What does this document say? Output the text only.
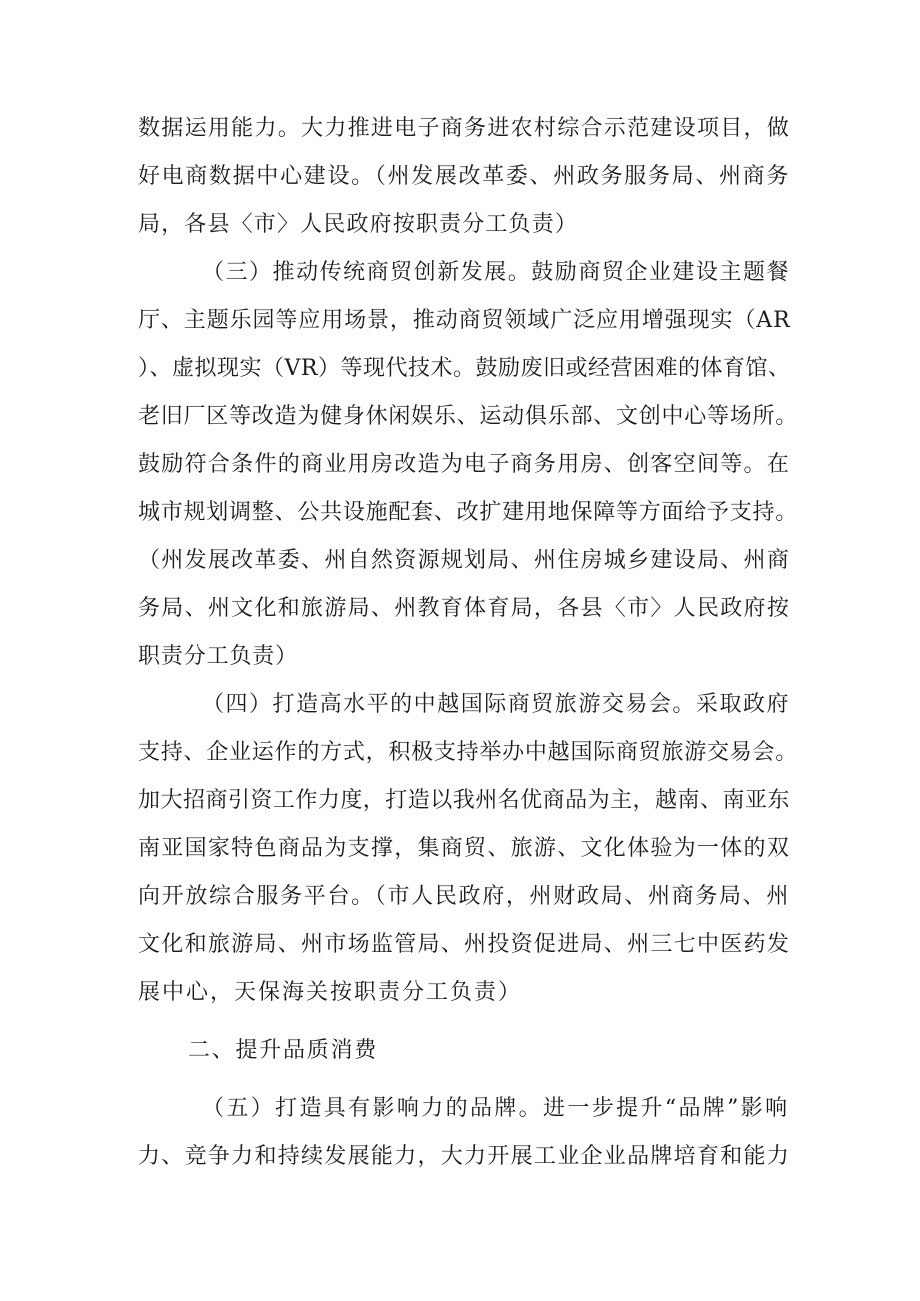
数据运用能力。大力推进电子商务进农村综合示范建设项目，做
好电商数据中心建设。（州发展改革委、州政务服务局、州商务
局，各县〈市〉人民政府按职责分工负责）
（三）推动传统商贸创新发展。鼓励商贸企业建设主题餐
厅、主题乐园等应用场景，推动商贸领域广泛应用增强现实（AR
）、虚拟现实（VR）等现代技术。鼓励废旧或经营困难的体育馆、
老旧厂区等改造为健身休闲娱乐、运动俱乐部、文创中心等场所。
鼓励符合条件的商业用房改造为电子商务用房、创客空间等。在
城市规划调整、公共设施配套、改扩建用地保障等方面给予支持。
（州发展改革委、州自然资源规划局、州住房城乡建设局、州商
务局、州文化和旅游局、州教育体育局，各县〈市〉人民政府按
职责分工负责）
（四）打造高水平的中越国际商贸旅游交易会。采取政府
支持、企业运作的方式，积极支持举办中越国际商贸旅游交易会。
加大招商引资工作力度，打造以我州名优商品为主，越南、南亚东
南亚国家特色商品为支撑，集商贸、旅游、文化体验为一体的双
向开放综合服务平台。（市人民政府，州财政局、州商务局、州
文化和旅游局、州市场监管局、州投资促进局、州三七中医药发
展中心，天保海关按职责分工负责）
二、提升品质消费
（五）打造具有影响力的品牌。进一步提升“品牌”影响
力、竞争力和持续发展能力，大力开展工业企业品牌培育和能力
